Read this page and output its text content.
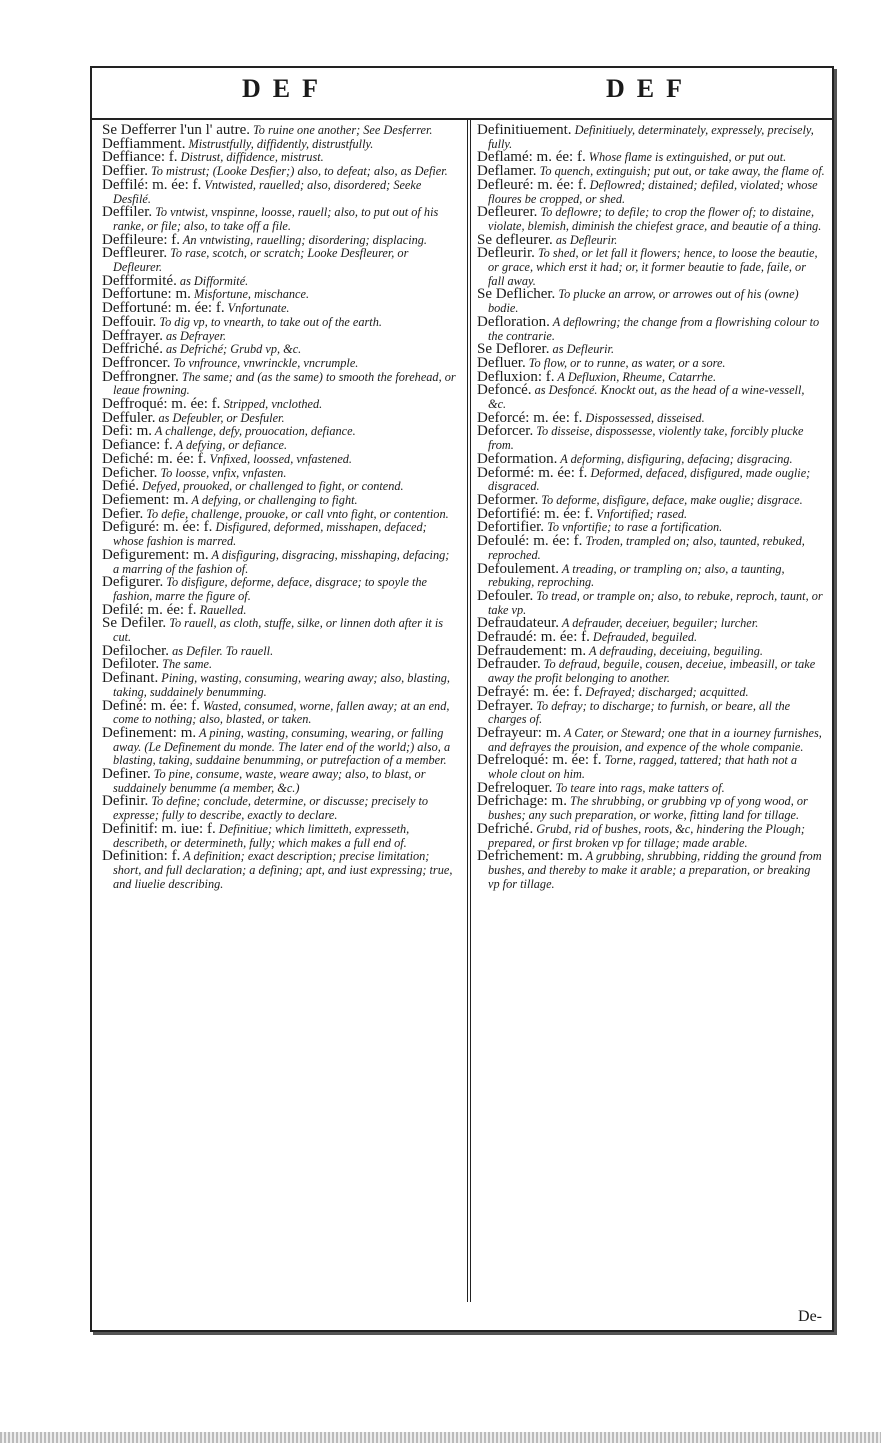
DEF	DEF
Se Defferrer l'un l' autre. To ruine one another; See Desferrer.
Deffiamment. Mistrustfully, diffidently, distrustfully.
Deffiance: f. Distrust, diffidence, mistrust.
Deffier. To mistrust; (Looke Desfier;) also, to defeat; also, as Defier.
Deffilé: m. ée: f. Vntwisted, rauelled; also, disordered; Seeke Desfilé.
Deffiler. To vntwist, vnspinne, loosse, rauell; also, to put out of his ranke, or file; also, to take off a file.
Deffileure: f. An vntwisting, rauelling; disordering; displacing.
Deffleurer. To rase, scotch, or scratch; Looke Desfleurer, or Defleurer.
Deffformité. as Difformité.
Deffortune: m. Misfortune, mischance.
Deffortuné: m. ée: f. Vnfortunate.
Deffouir. To dig vp, to vnearth, to take out of the earth.
Deffrayer. as Defrayer.
Deffriché. as Defriché; Grubd vp, &c.
Deffroncer. To vnfrounce, vnwrinckle, vncrumple.
Deffrongner. The same; and (as the same) to smooth the forehead, or leaue frowning.
Deffroqué: m. ée: f. Stripped, vnclothed.
Deffuler. as Defeubler, or Desfuler.
Defi: m. A challenge, defy, prouocation, defiance.
Defiance: f. A defying, or defiance.
Defiché: m. ée: f. Vnfixed, loossed, vnfastened.
Deficher. To loosse, vnfix, vnfasten.
Defié. Defyed, prouoked, or challenged to fight, or contend.
Defiement: m. A defying, or challenging to fight.
Defier. To defie, challenge, prouoke, or call vnto fight, or contention.
Defiguré: m. ée: f. Disfigured, deformed, misshapen, defaced; whose fashion is marred.
Defigurement: m. A disfiguring, disgracing, misshaping, defacing; a marring of the fashion of.
Defigurer. To disfigure, deforme, deface, disgrace; to spoyle the fashion, marre the figure of.
Defilé: m. ée: f. Rauelled.
Se Defiler. To rauell, as cloth, stuffe, silke, or linnen doth after it is cut.
Defilocher. as Defiler. To rauell.
Defiloter. The same.
Definant. Pining, wasting, consuming, wearing away; also, blasting, taking, suddainely benumming.
Definé: m. ée: f. Wasted, consumed, worne, fallen away; at an end, come to nothing; also, blasted, or taken.
Definement: m. A pining, wasting, consuming, wearing, or falling away. (Le Definement du monde. The later end of the world;) also, a blasting, taking, suddaine benumming, or putrefaction of a member.
Definer. To pine, consume, waste, weare away; also, to blast, or suddainely benumme (a member, &c.)
Definir. To define; conclude, determine, or discusse; precisely to expresse; fully to describe, exactly to declare.
Definitif: m. iue: f. Definitiue; which limitteth, expresseth, describeth, or determineth, fully; which makes a full end of.
Definition: f. A definition; exact description; precise limitation; short, and full declaration; a defining; apt, and iust expressing; true, and liuelie describing.
Definitiuement. Definitiuely, determinately, expressely, precisely, fully.
Deflamé: m. ée: f. Whose flame is extinguished, or put out.
Deflamer. To quench, extinguish; put out, or take away, the flame of.
Defleuré: m. ée: f. Deflowred; distained; defiled, violated; whose floures be cropped, or shed.
Defleurer. To deflowre; to defile; to crop the flower of; to distaine, violate, blemish, diminish the chiefest grace, and beautie of a thing.
Se defleurer. as Defleurir.
Defleurir. To shed, or let fall it flowers; hence, to loose the beautie, or grace, which erst it had; or, it former beautie to fade, faile, or fall away.
Se Deflicher. To plucke an arrow, or arrowes out of his (owne) bodie.
Defloration. A deflowring; the change from a flowrishing colour to the contrarie.
Se Deflorer. as Defleurir.
Defluer. To flow, or to runne, as water, or a sore.
Defluxion: f. A Defluxion, Rheume, Catarrhe.
Defoncé. as Desfoncé. Knockt out, as the head of a wine-vessell, &c.
Deforcé: m. ée: f. Dispossessed, disseised.
Deforcer. To disseise, dispossesse, violently take, forcibly plucke from.
Deformation. A deforming, disfiguring, defacing; disgracing.
Deformé: m. ée: f. Deformed, defaced, disfigured, made ouglie; disgraced.
Deformer. To deforme, disfigure, deface, make ouglie; disgrace.
Defortifié: m. ée: f. Vnfortified; rased.
Defortifier. To vnfortifie; to rase a fortification.
Defoulé: m. ée: f. Troden, trampled on; also, taunted, rebuked, reproched.
Defoulement. A treading, or trampling on; also, a taunting, rebuking, reproching.
Defouler. To tread, or trample on; also, to rebuke, reproch, taunt, or take vp.
Defraudateur. A defrauder, deceiuer, beguiler; lurcher.
Defraudé: m. ée: f. Defrauded, beguiled.
Defraudement: m. A defrauding, deceiuing, beguiling.
Defrauder. To defraud, beguile, cousen, deceiue, imbeasill, or take away the profit belonging to another.
Defrayé: m. ée: f. Defrayed; discharged; acquitted.
Defrayer. To defray; to discharge; to furnish, or beare, all the charges of.
Defrayeur: m. A Cater, or Steward; one that in a iourney furnishes, and defrayes the prouision, and expence of the whole companie.
Defreloqué: m. ée: f. Torne, ragged, tattered; that hath not a whole clout on him.
Defreloquer. To teare into rags, make tatters of.
Defrichage: m. The shrubbing, or grubbing vp of yong wood, or bushes; any such preparation, or worke, fitting land for tillage.
Defriché. Grubd, rid of bushes, roots, &c, hindering the Plough; prepared, or first broken vp for tillage; made arable.
Defrichement: m. A grubbing, shrubbing, ridding the ground from bushes, and thereby to make it arable; a preparation, or breaking vp for tillage.
De-
